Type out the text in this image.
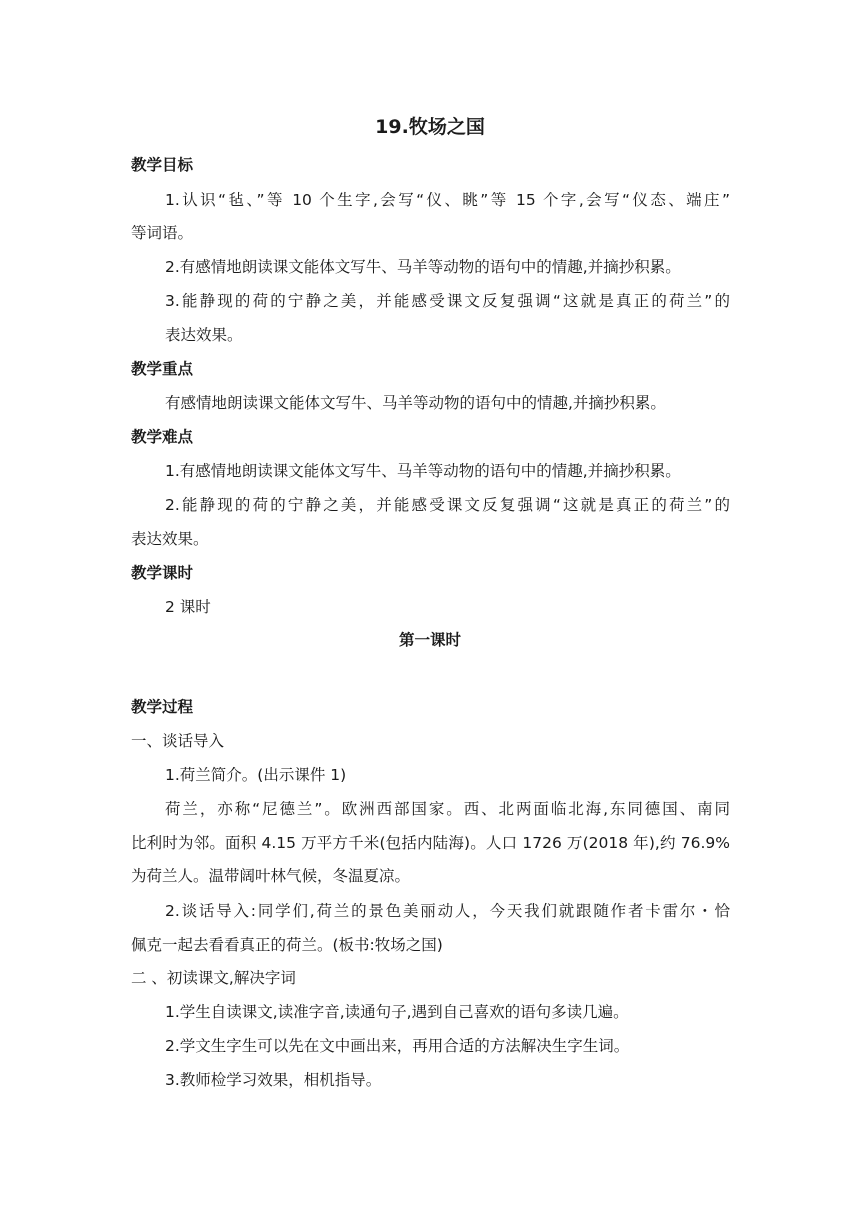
19.牧场之国
教学目标
1.认识“毡、”等 10 个生字,会写“仪、眺”等 15 个字,会写“仪态、端庄”
等词语。
2.有感情地朗读课文能体文写牛、马羊等动物的语句中的情趣,并摘抄积累。
3.能静现的荷的宁静之美，并能感受课文反复强调“这就是真正的荷兰”的
表达效果。
教学重点
有感情地朗读课文能体文写牛、马羊等动物的语句中的情趣,并摘抄积累。
教学难点
1.有感情地朗读课文能体文写牛、马羊等动物的语句中的情趣,并摘抄积累。
2.能静现的荷的宁静之美，并能感受课文反复强调“这就是真正的荷兰”的
表达效果。
教学课时
2 课时
第一课时
教学过程
一、谈话导入
1.荷兰简介。(出示课件 1)
荷兰，亦称“尼德兰”。欧洲西部国家。西、北两面临北海,东同德国、南同
比利时为邻。面积 4.15 万平方千米(包括内陆海)。人口 1726 万(2018 年),约 76.9%
为荷兰人。温带阔叶林气候，冬温夏凉。
2.谈话导入:同学们,荷兰的景色美丽动人，今天我们就跟随作者卡雷尔・恰
佩克一起去看看真正的荷兰。(板书:牧场之国)
二 、初读课文,解决字词
1.学生自读课文,读准字音,读通句子,遇到自己喜欢的语句多读几遍。
2.学文生字生可以先在文中画出来，再用合适的方法解决生字生词。
3.教师检学习效果，相机指导。
